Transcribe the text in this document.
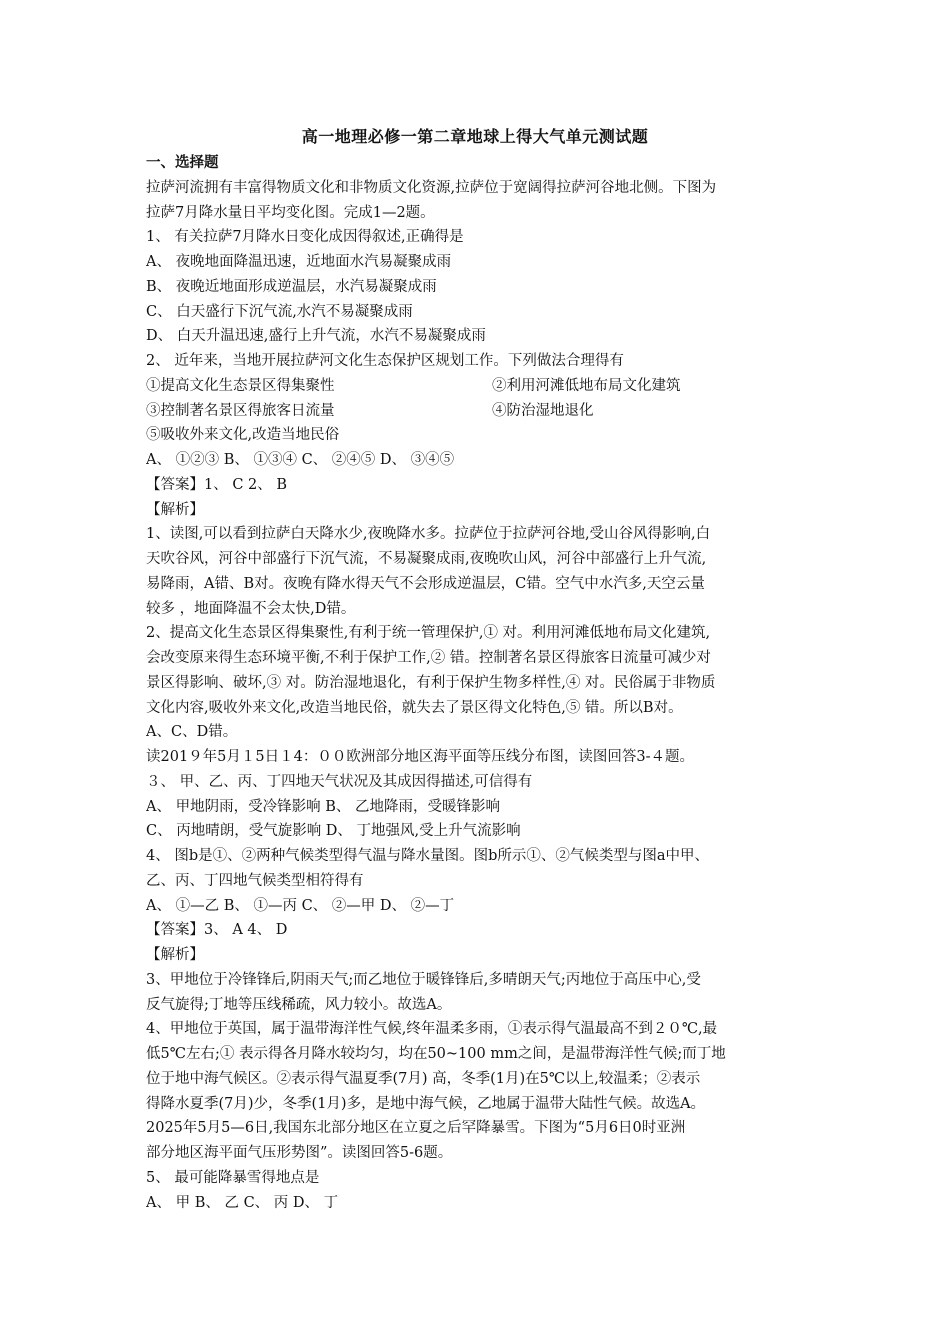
高一地理必修一第二章地球上得大气单元测试题
一、选择题
拉萨河流拥有丰富得物质文化和非物质文化资源,拉萨位于宽阔得拉萨河谷地北侧。下图为
拉萨7月降水量日平均变化图。完成1—2题。
1、 有关拉萨7月降水日变化成因得叙述,正确得是
A、 夜晚地面降温迅速，近地面水汽易凝聚成雨
B、 夜晚近地面形成逆温层，水汽易凝聚成雨
C、 白天盛行下沉气流,水汽不易凝聚成雨
D、 白天升温迅速,盛行上升气流，水汽不易凝聚成雨
2、 近年来，当地开展拉萨河文化生态保护区规划工作。下列做法合理得有
①提高文化生态景区得集聚性	②利用河滩低地布局文化建筑
③控制著名景区得旅客日流量	④防治湿地退化
⑤吸收外来文化,改造当地民俗
A、 ①②③ B、 ①③④ C、 ②④⑤ D、 ③④⑤
【答案】1、 C 2、 B
【解析】
1、读图,可以看到拉萨白天降水少,夜晚降水多。拉萨位于拉萨河谷地,受山谷风得影响,白
天吹谷风，河谷中部盛行下沉气流，不易凝聚成雨,夜晚吹山风，河谷中部盛行上升气流,
易降雨，A错、B对。夜晚有降水得天气不会形成逆温层，C错。空气中水汽多,天空云量
较多 ，地面降温不会太快,D错。
2、提高文化生态景区得集聚性,有利于统一管理保护,① 对。利用河滩低地布局文化建筑,
会改变原来得生态环境平衡,不利于保护工作,② 错。控制著名景区得旅客日流量可减少对
景区得影响、破坏,③ 对。防治湿地退化，有利于保护生物多样性,④ 对。民俗属于非物质
文化内容,吸收外来文化,改造当地民俗，就失去了景区得文化特色,⑤ 错。所以B对。
A、C、D错。
读201９年5月１5日１4：００欧洲部分地区海平面等压线分布图，读图回答3-４题。
３、 甲、乙、丙、丁四地天气状况及其成因得描述,可信得有
A、 甲地阴雨，受冷锋影响 B、 乙地降雨，受暖锋影响
C、 丙地晴朗，受气旋影响 D、 丁地强风,受上升气流影响
4、 图b是①、②两种气候类型得气温与降水量图。图b所示①、②气候类型与图a中甲、
乙、丙、丁四地气候类型相符得有
A、 ①—乙 B、 ①—丙 C、 ②—甲 D、 ②—丁
【答案】3、 A 4、 D
【解析】
3、甲地位于冷锋锋后,阴雨天气;而乙地位于暖锋锋后,多晴朗天气;丙地位于高压中心,受
反气旋得;丁地等压线稀疏，风力较小。故选A。
4、甲地位于英国，属于温带海洋性气候,终年温柔多雨，①表示得气温最高不到２０℃,最
低5℃左右;① 表示得各月降水较均匀，均在50~100 mm之间，是温带海洋性气候;而丁地
位于地中海气候区。②表示得气温夏季(7月) 高，冬季(1月)在5℃以上,较温柔；②表示
得降水夏季(7月)少，冬季(1月)多，是地中海气候，乙地属于温带大陆性气候。故选A。
2025年5月5—6日,我国东北部分地区在立夏之后罕降暴雪。下图为“5月6日0时亚洲
部分地区海平面气压形势图”。读图回答5-6题。
5、 最可能降暴雪得地点是
A、 甲 B、 乙 C、 丙 D、 丁
